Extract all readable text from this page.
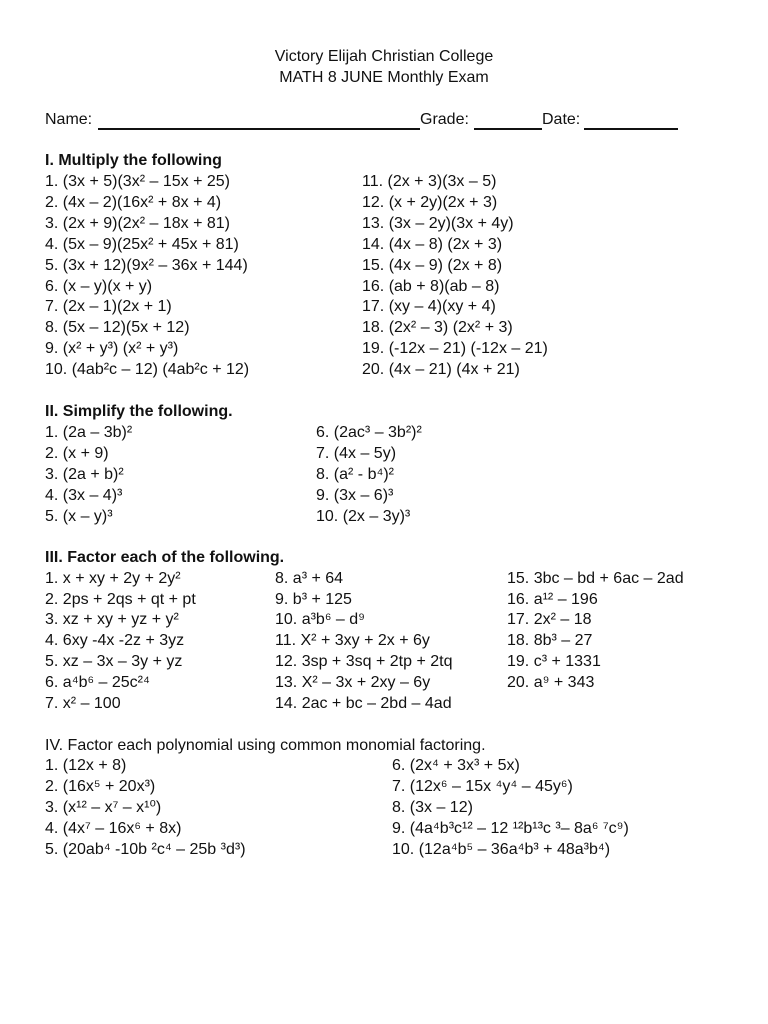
Victory Elijah Christian College
MATH 8 JUNE Monthly Exam
Name:	Grade:	Date:
I. Multiply the following
1. (3x + 5)(3x² – 15x + 25)
2. (4x – 2)(16x² + 8x + 4)
3. (2x + 9)(2x² – 18x + 81)
4. (5x – 9)(25x² + 45x + 81)
5. (3x + 12)(9x² – 36x + 144)
6. (x – y)(x + y)
7. (2x – 1)(2x + 1)
8. (5x – 12)(5x + 12)
9. (x² + y³) (x² + y³)
10. (4ab²c – 12) (4ab²c + 12)
11. (2x + 3)(3x – 5)
12. (x + 2y)(2x + 3)
13. (3x – 2y)(3x + 4y)
14. (4x – 8) (2x + 3)
15. (4x – 9) (2x + 8)
16. (ab + 8)(ab – 8)
17. (xy – 4)(xy + 4)
18. (2x² – 3) (2x² + 3)
19. (-12x – 21) (-12x – 21)
20. (4x – 21) (4x + 21)
II. Simplify the following.
1. (2a – 3b)²
2. (x + 9)
3. (2a + b)²
4. (3x – 4)³
5. (x – y)³
6. (2ac³ – 3b²)²
7. (4x – 5y)
8. (a² - b⁴)²
9. (3x – 6)³
10. (2x – 3y)³
III. Factor each of the following.
1. x + xy + 2y + 2y²
2. 2ps + 2qs + qt + pt
3. xz + xy + yz + y²
4. 6xy -4x -2z + 3yz
5. xz – 3x – 3y + yz
6. a⁴b⁶ – 25c²⁴
7. x² – 100
8. a³ + 64
9. b³ + 125
10. a³b⁶ – d⁹
11. X² + 3xy + 2x + 6y
12. 3sp + 3sq + 2tp + 2tq
13. X² – 3x + 2xy – 6y
14. 2ac + bc – 2bd – 4ad
15. 3bc – bd + 6ac – 2ad
16. a¹² – 196
17. 2x² – 18
18. 8b³ – 27
19. c³ + 1331
20. a⁹ + 343
IV. Factor each polynomial using common monomial factoring.
1. (12x + 8)
2. (16x⁵ + 20x³)
3. (x¹² – x⁷ – x¹⁰)
4. (4x⁷ – 16x⁶ + 8x)
5. (20ab⁴ -10b ²c⁴ – 25b ³d³)
6. (2x⁴ + 3x³ + 5x)
7. (12x⁶ – 15x ⁴y⁴ – 45y⁶)
8. (3x – 12)
9. (4a⁴b³c¹² – 12 ¹²b¹³c ³– 8a⁶ ⁷c⁹)
10. (12a⁴b⁵ – 36a⁴b³ + 48a³b⁴)
